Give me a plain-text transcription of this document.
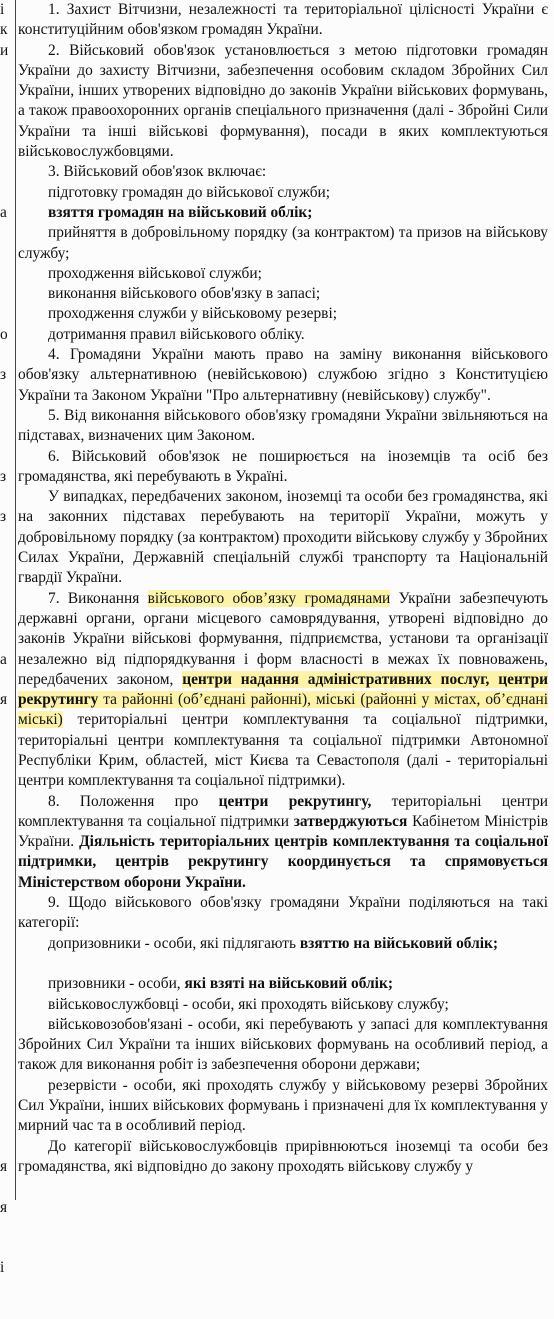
і
к
и
а
о
з
з
з
а
я
я
я
і

1. Захист Вітчизни, незалежності та територіальної цілісності України є конституційним обов'язком громадян України.

2. Військовий обов'язок установлюється з метою підготовки громадян України до захисту Вітчизни, забезпечення особовим складом Збройних Сил України, інших утворених відповідно до законів України військових формувань, а також правоохоронних органів спеціального призначення (далі - Збройні Сили України та інші військові формування), посади в яких комплектуються військовослужбовцями.

3. Військовий обов'язок включає:

підготовку громадян до військової служби;

взяття громадян на військовий облік;

прийняття в добровільному порядку (за контрактом) та призов на військову службу;

проходження військової служби;

виконання військового обов'язку в запасі;

проходження служби у військовому резерві;

дотримання правил військового обліку.

4. Громадяни України мають право на заміну виконання військового обов'язку альтернативною (невійськовою) службою згідно з Конституцією України та Законом України "Про альтернативну (невійськову) службу".

5. Від виконання військового обов'язку громадяни України звільняються на підставах, визначених цим Законом.

6. Військовий обов'язок не поширюється на іноземців та осіб без громадянства, які перебувають в Україні.

У випадках, передбачених законом, іноземці та особи без громадянства, які на законних підставах перебувають на території України, можуть у добровільному порядку (за контрактом) проходити військову службу у Збройних Силах України, Державній спеціальній службі транспорту та Національній гвардії України.

7. Виконання військового обов’язку громадянами України забезпечують державні органи, органи місцевого самоврядування, утворені відповідно до законів України військові формування, підприємства, установи та організації незалежно від підпорядкування і форм власності в межах їх повноважень, передбачених законом, центри надання адміністративних послуг, центри рекрутингу та районні (об’єднані районні), міські (районні у містах, об’єднані міські) територіальні центри комплектування та соціальної підтримки, територіальні центри комплектування та соціальної підтримки Автономної Республіки Крим, областей, міст Києва та Севастополя (далі - територіальні центри комплектування та соціальної підтримки).

8. Положення про центри рекрутингу, територіальні центри комплектування та соціальної підтримки затверджуються Кабінетом Міністрів України. Діяльність територіальних центрів комплектування та соціальної підтримки, центрів рекрутингу координується та спрямовується Міністерством оборони України.

9. Щодо військового обов'язку громадяни України поділяються на такі категорії:

допризовники - особи, які підлягають взяттю на військовий облік;

призовники - особи, які взяті на військовий облік;

військовослужбовці - особи, які проходять військову службу;

військовозобов'язані - особи, які перебувають у запасі для комплектування Збройних Сил України та інших військових формувань на особливий період, а також для виконання робіт із забезпечення оборони держави;

резервісти - особи, які проходять службу у військовому резерві Збройних Сил України, інших військових формувань і призначені для їх комплектування у мирний час та в особливий період.

До категорії військовослужбовців прирівнюються іноземці та особи без громадянства, які відповідно до закону проходять військову службу у
